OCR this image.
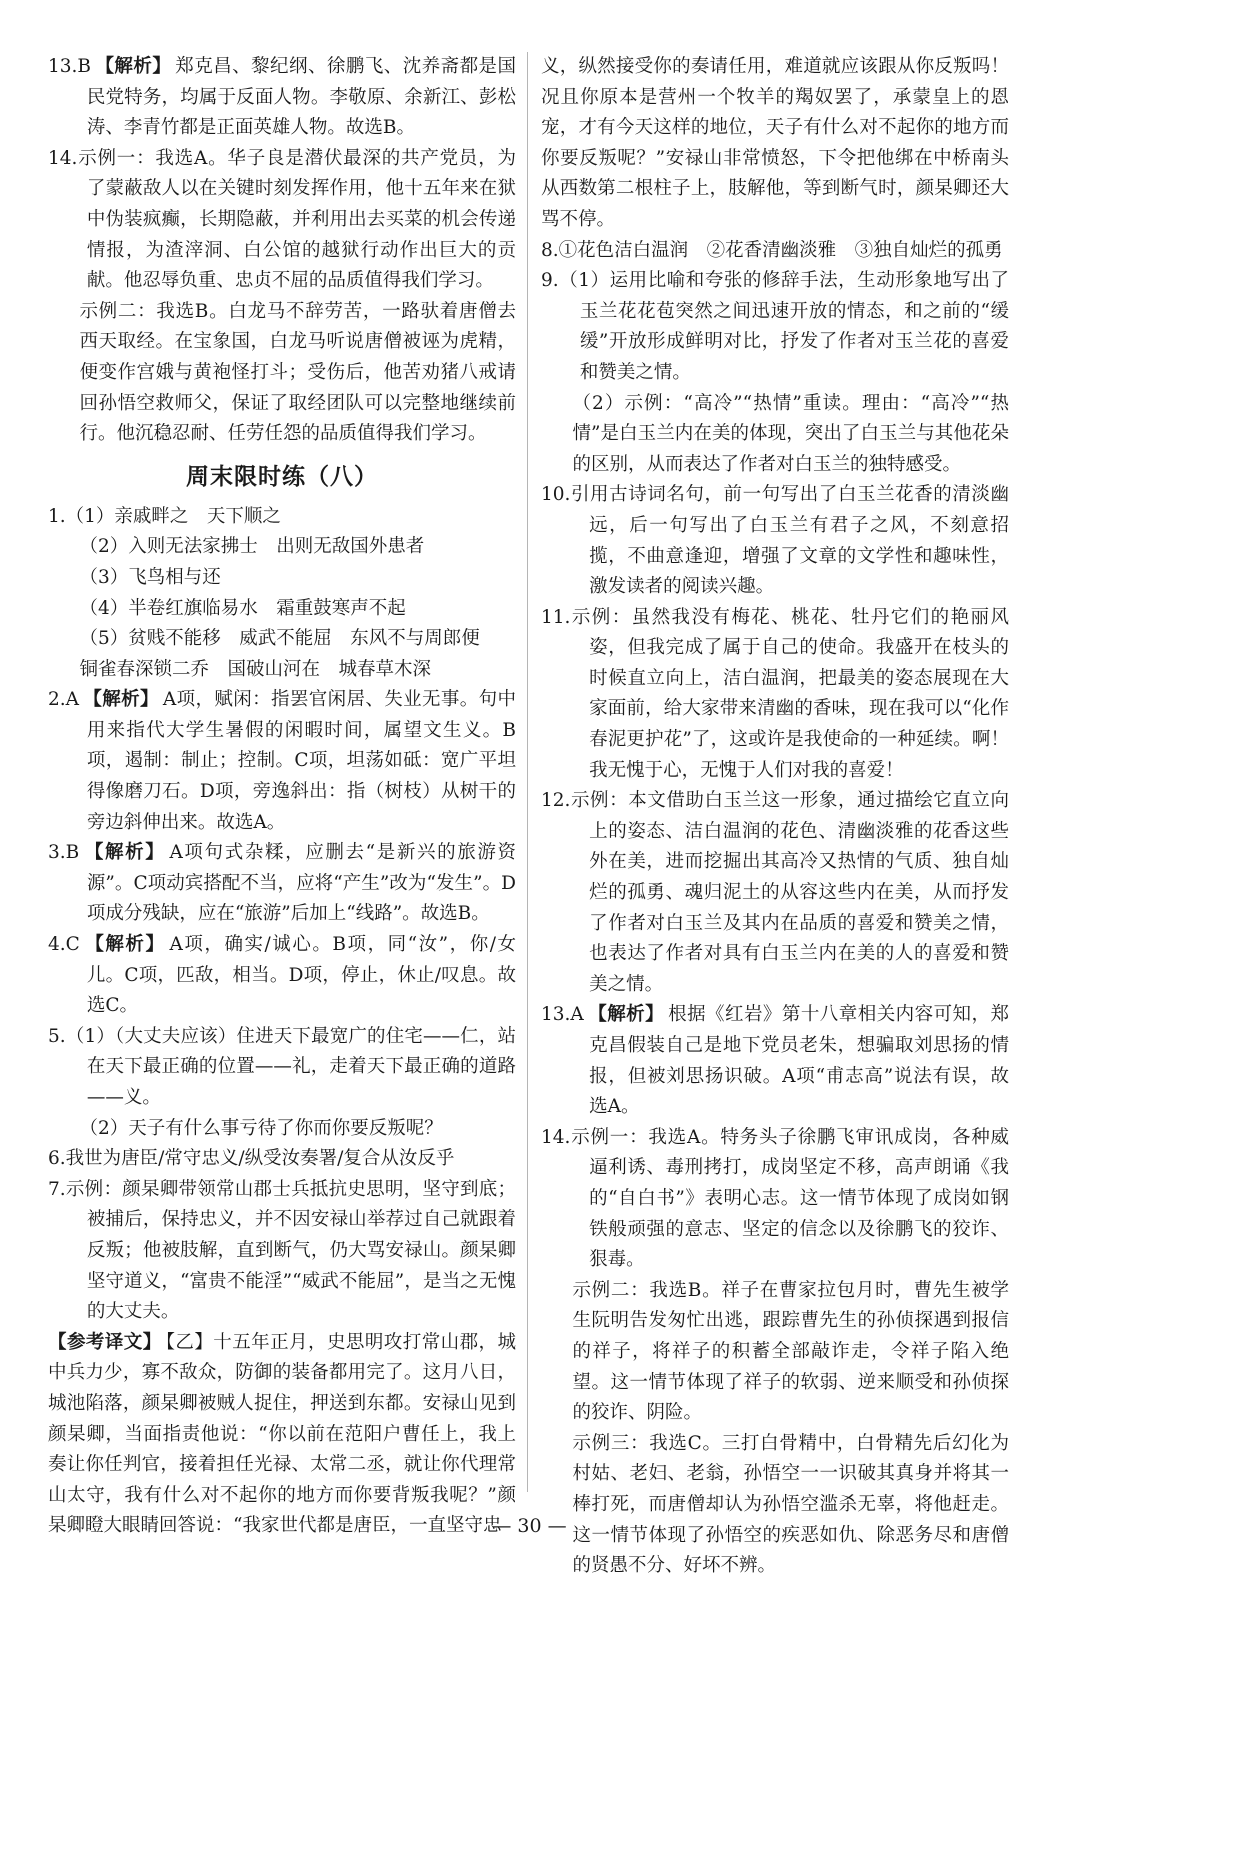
13.B 【解析】 郑克昌、黎纪纲、徐鹏飞、沈养斋都是国民党特务，均属于反面人物。李敬原、余新江、彭松涛、李青竹都是正面英雄人物。故选B。

14.示例一：我选A。华子良是潜伏最深的共产党员，为了蒙蔽敌人以在关键时刻发挥作用，他十五年来在狱中伪装疯癫，长期隐蔽，并利用出去买菜的机会传递情报，为渣滓洞、白公馆的越狱行动作出巨大的贡献。他忍辱负重、忠贞不屈的品质值得我们学习。

示例二：我选B。白龙马不辞劳苦，一路驮着唐僧去西天取经。在宝象国，白龙马听说唐僧被诬为虎精，便变作宫娥与黄袍怪打斗；受伤后，他苦劝猪八戒请回孙悟空救师父，保证了取经团队可以完整地继续前行。他沉稳忍耐、任劳任怨的品质值得我们学习。

周末限时练（八）

1.（1）亲戚畔之　天下顺之

（2）入则无法家拂士　出则无敌国外患者

（3）飞鸟相与还

（4）半卷红旗临易水　霜重鼓寒声不起

（5）贫贱不能移　威武不能屈　东风不与周郎便

铜雀春深锁二乔　国破山河在　城春草木深

2.A 【解析】 A项，赋闲：指罢官闲居、失业无事。句中用来指代大学生暑假的闲暇时间，属望文生义。B项，遏制：制止；控制。C项，坦荡如砥：宽广平坦得像磨刀石。D项，旁逸斜出：指（树枝）从树干的旁边斜伸出来。故选A。

3.B 【解析】 A项句式杂糅，应删去“是新兴的旅游资源”。C项动宾搭配不当，应将“产生”改为“发生”。D项成分残缺，应在“旅游”后加上“线路”。故选B。

4.C 【解析】 A项，确实/诚心。B项，同“汝”，你/女儿。C项，匹敌，相当。D项，停止，休止/叹息。故选C。

5.（1）（大丈夫应该）住进天下最宽广的住宅——仁，站在天下最正确的位置——礼，走着天下最正确的道路——义。

（2）天子有什么事亏待了你而你要反叛呢？

6.我世为唐臣/常守忠义/纵受汝奏署/复合从汝反乎

7.示例：颜杲卿带领常山郡士兵抵抗史思明，坚守到底；被捕后，保持忠义，并不因安禄山举荐过自己就跟着反叛；他被肢解，直到断气，仍大骂安禄山。颜杲卿坚守道义，“富贵不能淫”“威武不能屈”，是当之无愧的大丈夫。

【参考译文】 【乙】十五年正月，史思明攻打常山郡，城中兵力少，寡不敌众，防御的装备都用完了。这月八日，城池陷落，颜杲卿被贼人捉住，押送到东都。安禄山见到颜杲卿，当面指责他说：“你以前在范阳户曹任上，我上奏让你任判官，接着担任光禄、太常二丞，就让你代理常山太守，我有什么对不起你的地方而你要背叛我呢？”颜杲卿瞪大眼睛回答说：“我家世代都是唐臣，一直坚守忠

义，纵然接受你的奏请任用，难道就应该跟从你反叛吗！况且你原本是营州一个牧羊的羯奴罢了，承蒙皇上的恩宠，才有今天这样的地位，天子有什么对不起你的地方而你要反叛呢？”安禄山非常愤怒，下令把他绑在中桥南头从西数第二根柱子上，肢解他，等到断气时，颜杲卿还大骂不停。

8.①花色洁白温润　②花香清幽淡雅　③独自灿烂的孤勇

9.（1）运用比喻和夸张的修辞手法，生动形象地写出了玉兰花花苞突然之间迅速开放的情态，和之前的“缓缓”开放形成鲜明对比，抒发了作者对玉兰花的喜爱和赞美之情。

（2）示例：“高冷”“热情”重读。理由：“高冷”“热情”是白玉兰内在美的体现，突出了白玉兰与其他花朵的区别，从而表达了作者对白玉兰的独特感受。

10.引用古诗词名句，前一句写出了白玉兰花香的清淡幽远，后一句写出了白玉兰有君子之风，不刻意招揽，不曲意逢迎，增强了文章的文学性和趣味性，激发读者的阅读兴趣。

11.示例：虽然我没有梅花、桃花、牡丹它们的艳丽风姿，但我完成了属于自己的使命。我盛开在枝头的时候直立向上，洁白温润，把最美的姿态展现在大家面前，给大家带来清幽的香味，现在我可以“化作春泥更护花”了，这或许是我使命的一种延续。啊！我无愧于心，无愧于人们对我的喜爱！

12.示例：本文借助白玉兰这一形象，通过描绘它直立向上的姿态、洁白温润的花色、清幽淡雅的花香这些外在美，进而挖掘出其高冷又热情的气质、独自灿烂的孤勇、魂归泥土的从容这些内在美，从而抒发了作者对白玉兰及其内在品质的喜爱和赞美之情，也表达了作者对具有白玉兰内在美的人的喜爱和赞美之情。

13.A 【解析】 根据《红岩》第十八章相关内容可知，郑克昌假装自己是地下党员老朱，想骗取刘思扬的情报，但被刘思扬识破。A项“甫志高”说法有误，故选A。

14.示例一：我选A。特务头子徐鹏飞审讯成岗，各种威逼利诱、毒刑拷打，成岗坚定不移，高声朗诵《我的“自白书”》表明心志。这一情节体现了成岗如钢铁般顽强的意志、坚定的信念以及徐鹏飞的狡诈、狠毒。

示例二：我选B。祥子在曹家拉包月时，曹先生被学生阮明告发匆忙出逃，跟踪曹先生的孙侦探遇到报信的祥子，将祥子的积蓄全部敲诈走，令祥子陷入绝望。这一情节体现了祥子的软弱、逆来顺受和孙侦探的狡诈、阴险。

示例三：我选C。三打白骨精中，白骨精先后幻化为村姑、老妇、老翁，孙悟空一一识破其真身并将其一棒打死，而唐僧却认为孙悟空滥杀无辜，将他赶走。这一情节体现了孙悟空的疾恶如仇、除恶务尽和唐僧的贤愚不分、好坏不辨。

— 30 —
